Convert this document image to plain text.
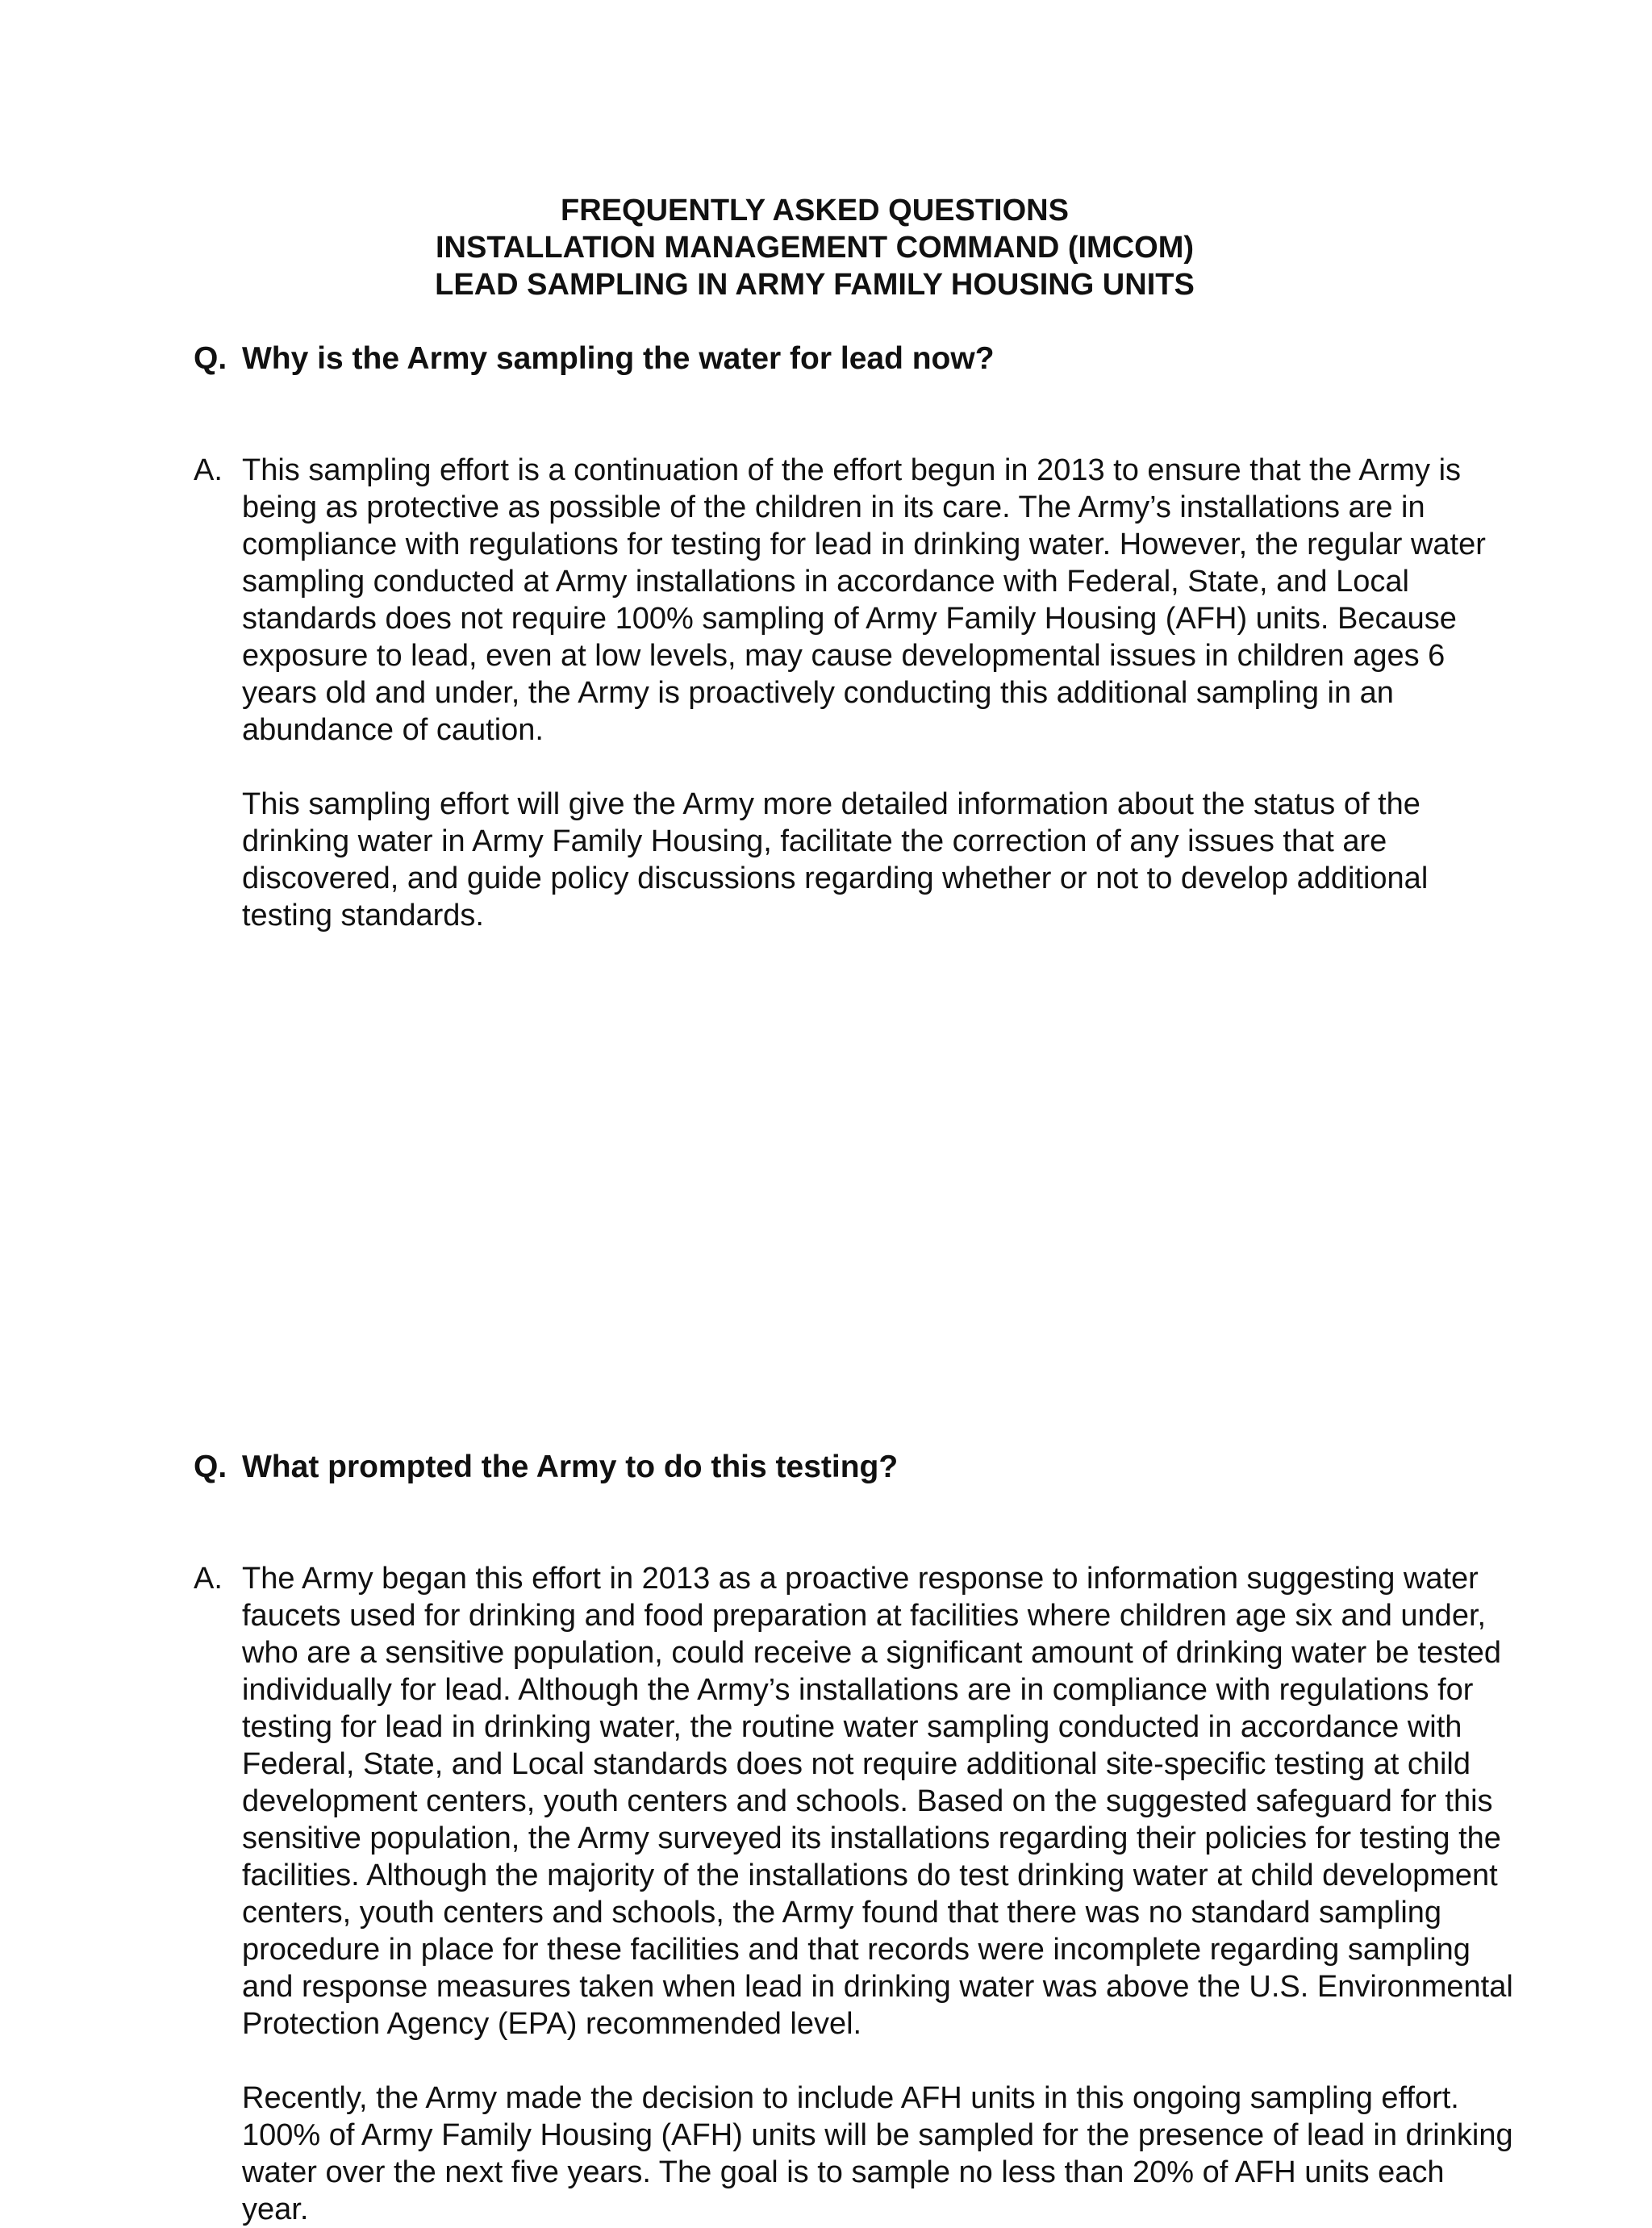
FREQUENTLY ASKED QUESTIONS
INSTALLATION MANAGEMENT COMMAND (IMCOM)
LEAD SAMPLING IN ARMY FAMILY HOUSING UNITS
Q. Why is the Army sampling the water for lead now?
A. This sampling effort is a continuation of the effort begun in 2013 to ensure that the Army is being as protective as possible of the children in its care. The Army’s installations are in compliance with regulations for testing for lead in drinking water. However, the regular water sampling conducted at Army installations in accordance with Federal, State, and Local standards does not require 100% sampling of Army Family Housing (AFH) units. Because exposure to lead, even at low levels, may cause developmental issues in children ages 6 years old and under, the Army is proactively conducting this additional sampling in an abundance of caution.
This sampling effort will give the Army more detailed information about the status of the drinking water in Army Family Housing, facilitate the correction of any issues that are discovered, and guide policy discussions regarding whether or not to develop additional testing standards.
Q. What prompted the Army to do this testing?
A. The Army began this effort in 2013 as a proactive response to information suggesting water faucets used for drinking and food preparation at facilities where children age six and under, who are a sensitive population, could receive a significant amount of drinking water be tested individually for lead. Although the Army’s installations are in compliance with regulations for testing for lead in drinking water, the routine water sampling conducted in accordance with Federal, State, and Local standards does not require additional site-specific testing at child development centers, youth centers and schools. Based on the suggested safeguard for this sensitive population, the Army surveyed its installations regarding their policies for testing the facilities. Although the majority of the installations do test drinking water at child development centers, youth centers and schools, the Army found that there was no standard sampling procedure in place for these facilities and that records were incomplete regarding sampling and response measures taken when lead in drinking water was above the U.S. Environmental Protection Agency (EPA) recommended level.
Recently, the Army made the decision to include AFH units in this ongoing sampling effort. 100% of Army Family Housing (AFH) units will be sampled for the presence of lead in drinking water over the next five years. The goal is to sample no less than 20% of AFH units each year.
